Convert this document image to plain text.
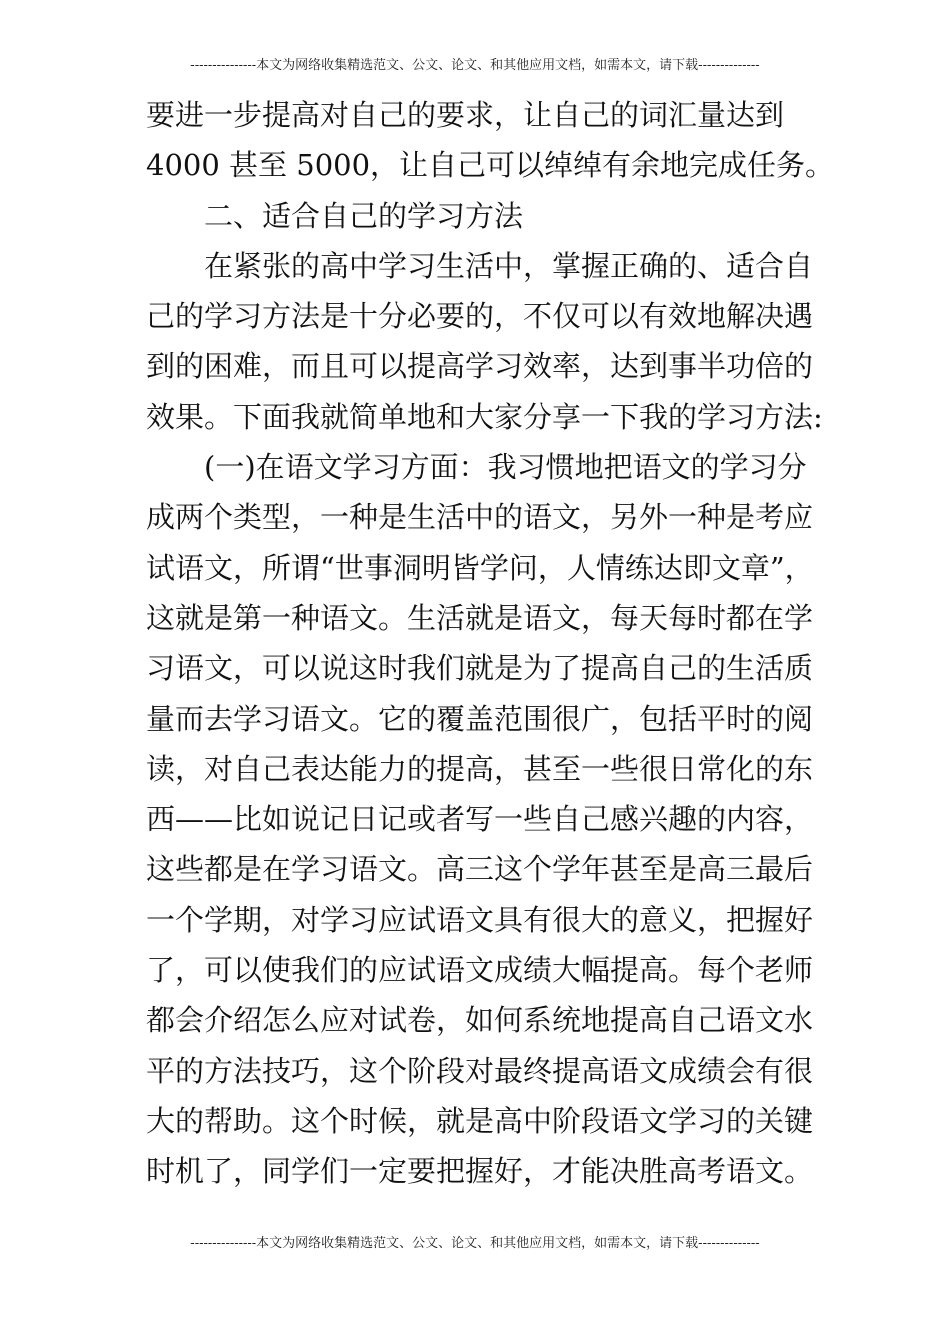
---------------本文为网络收集精选范文、公文、论文、和其他应用文档，如需本文，请下载--------------
要进一步提高对自己的要求，让自己的词汇量达到
4000 甚至 5000，让自己可以绰绰有余地完成任务。
二、适合自己的学习方法
在紧张的高中学习生活中，掌握正确的、适合自
己的学习方法是十分必要的，不仅可以有效地解决遇
到的困难，而且可以提高学习效率，达到事半功倍的
效果。下面我就简单地和大家分享一下我的学习方法:
(一)在语文学习方面：我习惯地把语文的学习分
成两个类型，一种是生活中的语文，另外一种是考应
试语文，所谓“世事洞明皆学问，人情练达即文章”，
这就是第一种语文。生活就是语文，每天每时都在学
习语文，可以说这时我们就是为了提高自己的生活质
量而去学习语文。它的覆盖范围很广，包括平时的阅
读，对自己表达能力的提高，甚至一些很日常化的东
西——比如说记日记或者写一些自己感兴趣的内容，
这些都是在学习语文。高三这个学年甚至是高三最后
一个学期，对学习应试语文具有很大的意义，把握好
了，可以使我们的应试语文成绩大幅提高。每个老师
都会介绍怎么应对试卷，如何系统地提高自己语文水
平的方法技巧，这个阶段对最终提高语文成绩会有很
大的帮助。这个时候，就是高中阶段语文学习的关键
时机了，同学们一定要把握好，才能决胜高考语文。
---------------本文为网络收集精选范文、公文、论文、和其他应用文档，如需本文，请下载--------------
